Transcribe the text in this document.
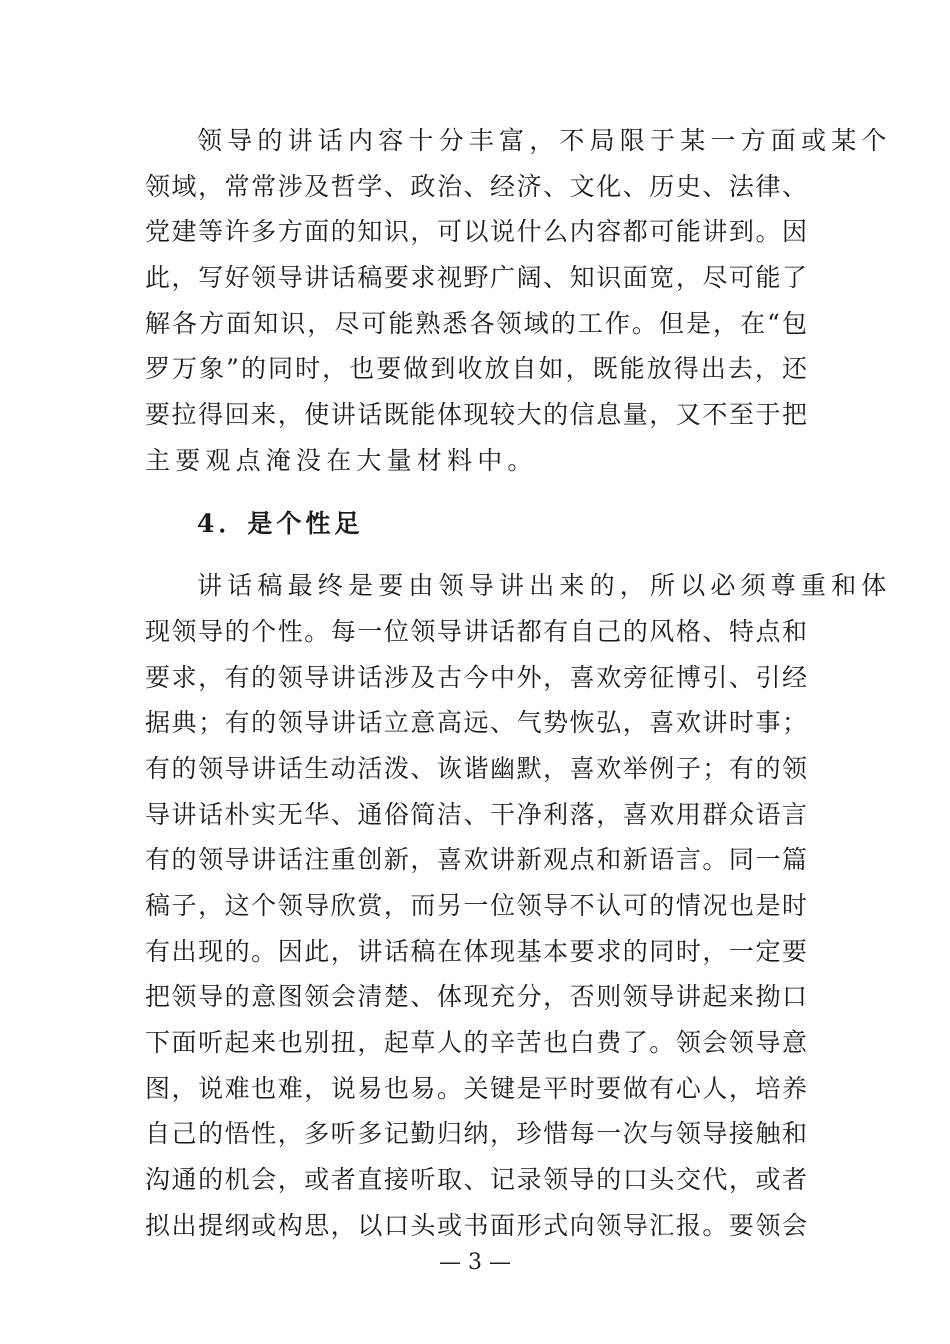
领导的讲话内容十分丰富，不局限于某一方面或某个
领域，常常涉及哲学、政治、经济、文化、历史、法律、
党建等许多方面的知识，可以说什么内容都可能讲到。因
此，写好领导讲话稿要求视野广阔、知识面宽，尽可能了
解各方面知识，尽可能熟悉各领域的工作。但是，在“包
罗万象”的同时，也要做到收放自如，既能放得出去，还
要拉得回来，使讲话既能体现较大的信息量，又不至于把
主要观点淹没在大量材料中。
4．是个性足
讲话稿最终是要由领导讲出来的，所以必须尊重和体
现领导的个性。每一位领导讲话都有自己的风格、特点和
要求，有的领导讲话涉及古今中外，喜欢旁征博引、引经
据典；有的领导讲话立意高远、气势恢弘，喜欢讲时事；
有的领导讲话生动活泼、诙谐幽默，喜欢举例子；有的领
导讲话朴实无华、通俗简洁、干净利落，喜欢用群众语言
有的领导讲话注重创新，喜欢讲新观点和新语言。同一篇
稿子，这个领导欣赏，而另一位领导不认可的情况也是时
有出现的。因此，讲话稿在体现基本要求的同时，一定要
把领导的意图领会清楚、体现充分，否则领导讲起来拗口
下面听起来也别扭，起草人的辛苦也白费了。领会领导意
图，说难也难，说易也易。关键是平时要做有心人，培养
自己的悟性，多听多记勤归纳，珍惜每一次与领导接触和
沟通的机会，或者直接听取、记录领导的口头交代，或者
拟出提纲或构思，以口头或书面形式向领导汇报。要领会
— 3 —
